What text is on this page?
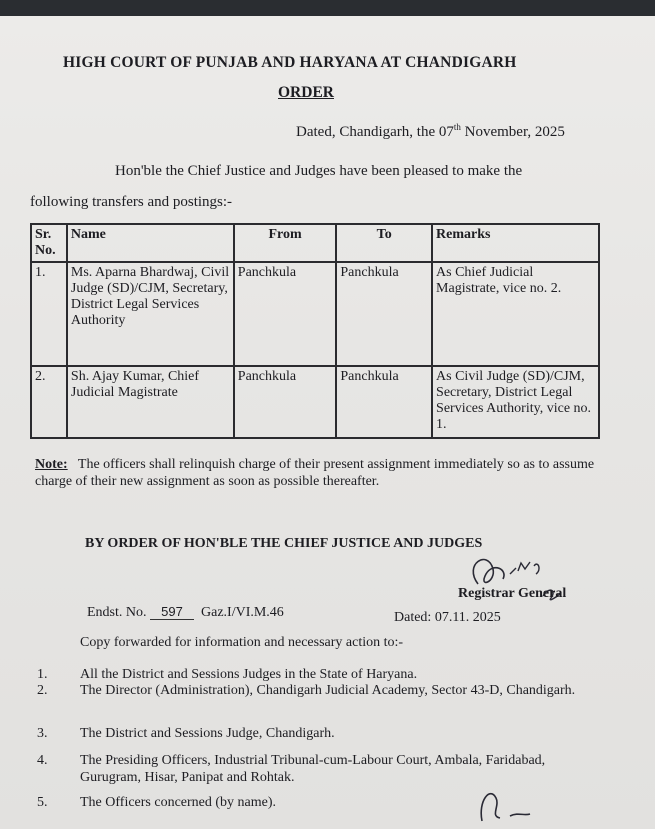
HIGH COURT OF PUNJAB AND HARYANA AT CHANDIGARH
ORDER
Dated, Chandigarh, the 07th November, 2025
Hon'ble the Chief Justice and Judges have been pleased to make the
following transfers and postings:-
Sr. No.	Name	From	To	Remarks
1.	Ms. Aparna Bhardwaj, Civil Judge (SD)/CJM, Secretary, District Legal Services Authority	Panchkula	Panchkula	As Chief Judicial Magistrate, vice no. 2.
2.	Sh. Ajay Kumar, Chief Judicial Magistrate	Panchkula	Panchkula	As Civil Judge (SD)/CJM, Secretary, District Legal Services Authority, vice no. 1.
Note: The officers shall relinquish charge of their present assignment immediately so as to assume charge of their new assignment as soon as possible thereafter.
BY ORDER OF HON'BLE THE CHIEF JUSTICE AND JUDGES
Registrar General
Endst. No. 597 Gaz.I/VI.M.46	Dated: 07.11. 2025
Copy forwarded for information and necessary action to:-
1. All the District and Sessions Judges in the State of Haryana.
2. The Director (Administration), Chandigarh Judicial Academy, Sector 43-D, Chandigarh.
3. The District and Sessions Judge, Chandigarh.
4. The Presiding Officers, Industrial Tribunal-cum-Labour Court, Ambala, Faridabad, Gurugram, Hisar, Panipat and Rohtak.
5. The Officers concerned (by name).
